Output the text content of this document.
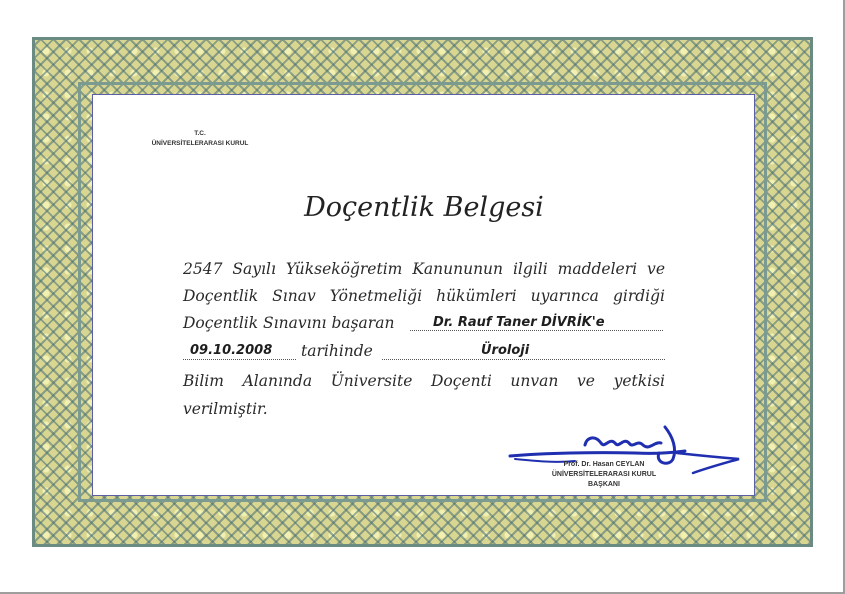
T.C.
ÜNİVERSİTELERARASI KURUL
Doçentlik Belgesi
2547 Sayılı Yükseköğretim Kanununun ilgili maddeleri ve
Doçentlik Sınav Yönetmeliği hükümleri uyarınca girdiği
Doçentlik Sınavını başaran	Dr. Rauf Taner DİVRİK'e
09.10.2008 tarihinde	Üroloji
Bilim Alanında Üniversite Doçenti unvan ve yetkisi
verilmiştir.
Prof. Dr. Hasan CEYLAN
ÜNİVERSİTELERARASI KURUL
BAŞKANI
